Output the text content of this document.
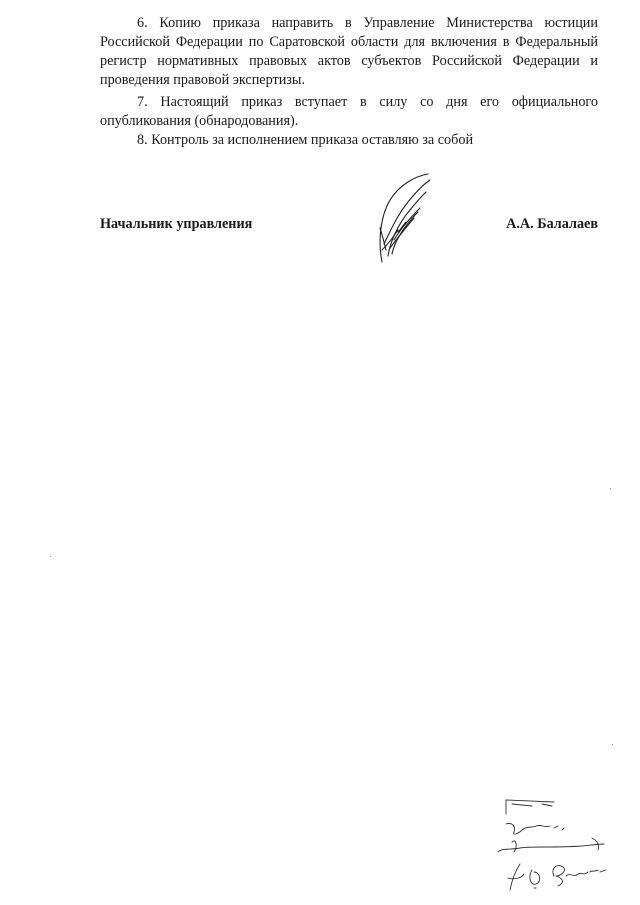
6. Копию приказа направить в Управление Министерства юстиции Российской Федерации по Саратовской области для включения в Федеральный регистр нормативных правовых актов субъектов Российской Федерации и проведения правовой экспертизы.

7. Настоящий приказ вступает в силу со дня его официального опубликования (обнародования).

8. Контроль за исполнением приказа оставляю за собой

Начальник управления	А.А. Балалаев
